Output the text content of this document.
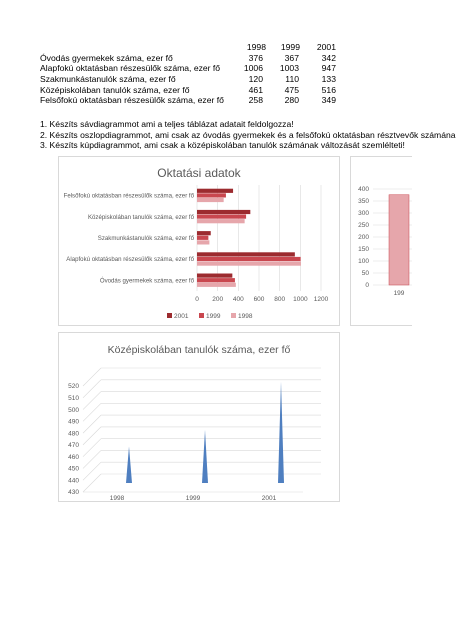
1998	1999	2001
Óvodás gyermekek száma, ezer fő	376	367	342
Alapfokú oktatásban részesülők száma, ezer fő	1006	1003	947
Szakmunkástanulók száma, ezer fő	120	110	133
Középiskolában tanulók száma, ezer fő	461	475	516
Felsőfokú oktatásban részesülők száma, ezer fő	258	280	349
1. Készíts sávdiagrammot ami a teljes táblázat adatait feldolgozza!
2. Készíts oszlopdiagrammot, ami csak az óvodás gyermekek és a felsőfokú oktatásban résztvevők számána
3. Készíts kúpdiagrammot, ami csak a középiskolában tanulók számának változását szemlélteti!
Oktatási adatok
0 200 400 600 800 1000 1200
Óvodás gyermekek száma, ezer fő
Alapfokú oktatásban részesülők száma, ezer fő
Szakmunkástanulók száma, ezer fő
Középiskolában tanulók száma, ezer fő
Felsőfokú oktatásban részesülők száma, ezer fő
2001	1999	1998
0
50
100
150
200
250
300
350
400
199
Középiskolában tanulók száma, ezer fő
430
440
450
460
470
480
490
500
510
520
1998	1999	2001
